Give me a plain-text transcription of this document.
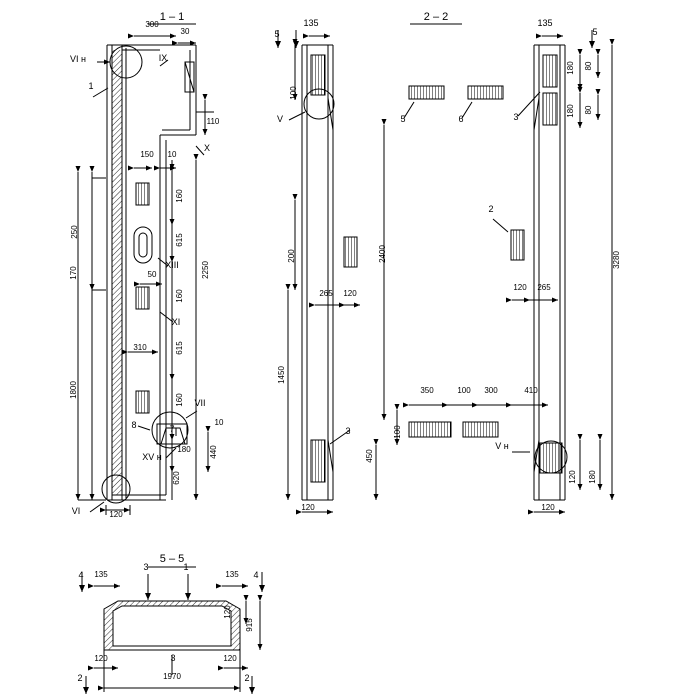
1 – 1	2 – 2
5 – 5
VI н	IX
X
XIII
XI
VII
XV н
VI
1
8	7
300
30
110
150 10
160
250
615
2250
170	50
160
310	615
1800
160
10
440
180
620
120
5
135	135
5
V	5	6	3
2
3
V н
100
180 80
180 80
3280
2400
200
265 120
120 265
1450
350	100 300	410
100
450
120 180
120	120
4	4
3	1
3
2	2
135	135
120
915
120	120
1970
